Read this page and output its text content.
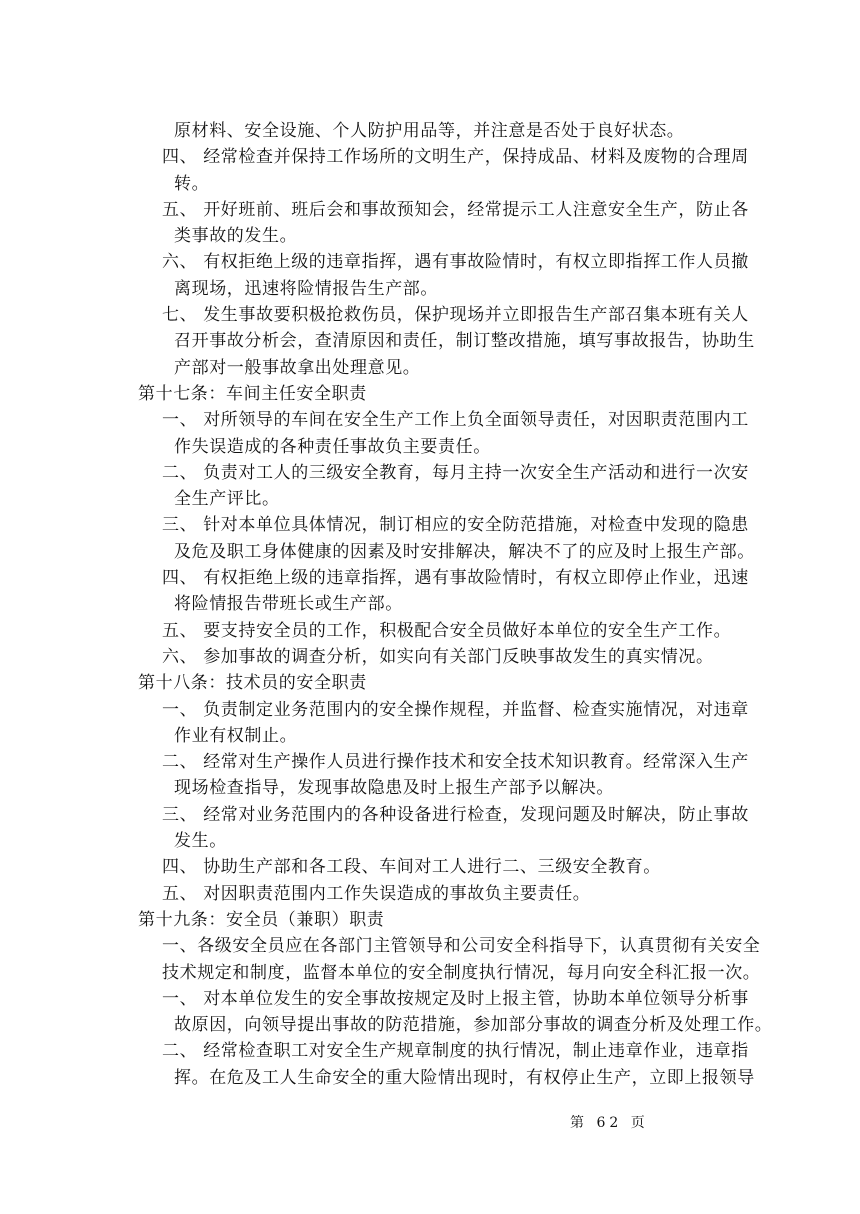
原材料、安全设施、个人防护用品等，并注意是否处于良好状态。
四、 经常检查并保持工作场所的文明生产，保持成品、材料及废物的合理周
转。
五、 开好班前、班后会和事故预知会，经常提示工人注意安全生产，防止各
类事故的发生。
六、 有权拒绝上级的违章指挥，遇有事故险情时，有权立即指挥工作人员撤
离现场，迅速将险情报告生产部。
七、 发生事故要积极抢救伤员，保护现场并立即报告生产部召集本班有关人
召开事故分析会，查清原因和责任，制订整改措施，填写事故报告，协助生
产部对一般事故拿出处理意见。
第十七条：车间主任安全职责
一、 对所领导的车间在安全生产工作上负全面领导责任，对因职责范围内工
作失误造成的各种责任事故负主要责任。
二、 负责对工人的三级安全教育，每月主持一次安全生产活动和进行一次安
全生产评比。
三、 针对本单位具体情况，制订相应的安全防范措施，对检查中发现的隐患
及危及职工身体健康的因素及时安排解决，解决不了的应及时上报生产部。
四、 有权拒绝上级的违章指挥，遇有事故险情时，有权立即停止作业，迅速
将险情报告带班长或生产部。
五、 要支持安全员的工作，积极配合安全员做好本单位的安全生产工作。
六、 参加事故的调查分析，如实向有关部门反映事故发生的真实情况。
第十八条：技术员的安全职责
一、 负责制定业务范围内的安全操作规程，并监督、检查实施情况，对违章
作业有权制止。
二、 经常对生产操作人员进行操作技术和安全技术知识教育。经常深入生产
现场检查指导，发现事故隐患及时上报生产部予以解决。
三、 经常对业务范围内的各种设备进行检查，发现问题及时解决，防止事故
发生。
四、 协助生产部和各工段、车间对工人进行二、三级安全教育。
五、 对因职责范围内工作失误造成的事故负主要责任。
第十九条：安全员（兼职）职责
一、各级安全员应在各部门主管领导和公司安全科指导下，认真贯彻有关安全
技术规定和制度，监督本单位的安全制度执行情况，每月向安全科汇报一次。
一、 对本单位发生的安全事故按规定及时上报主管，协助本单位领导分析事
故原因，向领导提出事故的防范措施，参加部分事故的调查分析及处理工作。
二、 经常检查职工对安全生产规章制度的执行情况，制止违章作业，违章指
挥。在危及工人生命安全的重大险情出现时，有权停止生产，立即上报领导
第 62 页
